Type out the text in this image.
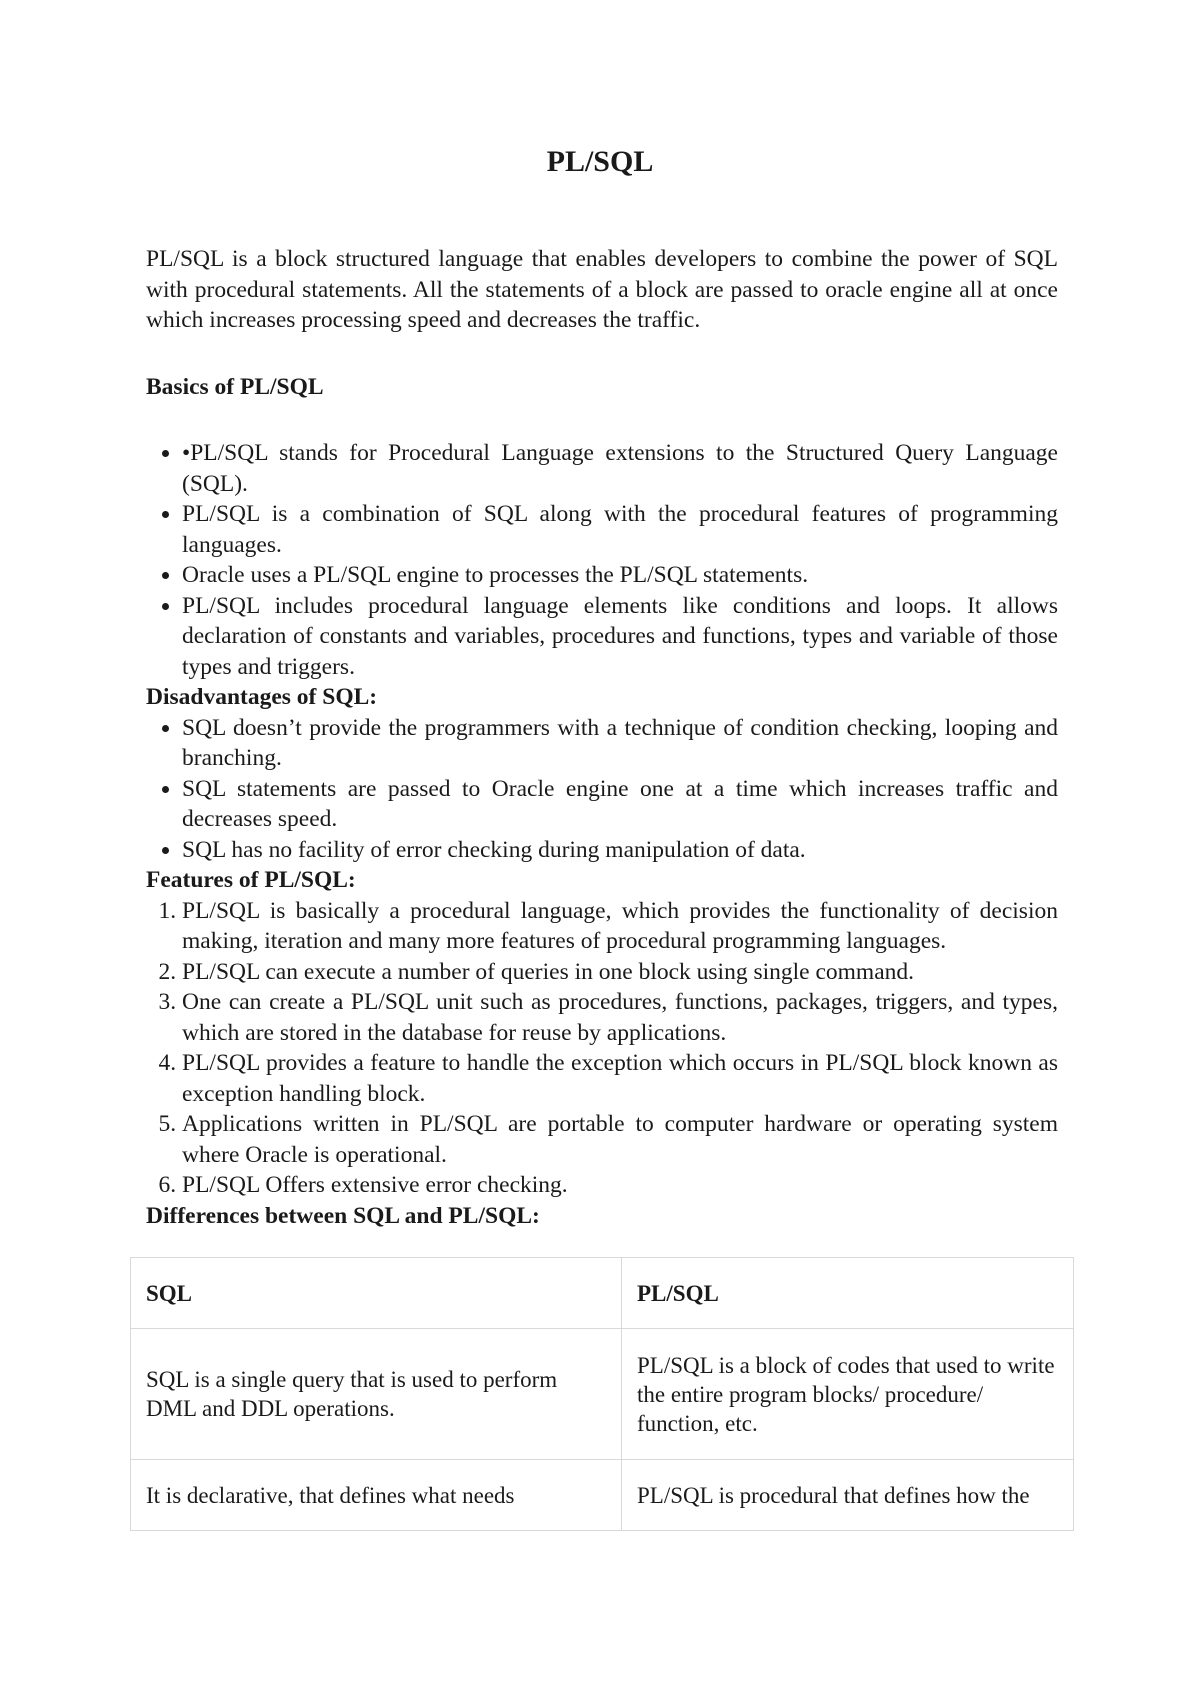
PL/SQL

PL/SQL is a block structured language that enables developers to combine the power of SQL with procedural statements. All the statements of a block are passed to oracle engine all at once which increases processing speed and decreases the traffic.

Basics of PL/SQL

• •PL/SQL stands for Procedural Language extensions to the Structured Query Language (SQL).
• PL/SQL is a combination of SQL along with the procedural features of programming languages.
• Oracle uses a PL/SQL engine to processes the PL/SQL statements.
• PL/SQL includes procedural language elements like conditions and loops. It allows declaration of constants and variables, procedures and functions, types and variable of those types and triggers.

Disadvantages of SQL:

• SQL doesn’t provide the programmers with a technique of condition checking, looping and branching.
• SQL statements are passed to Oracle engine one at a time which increases traffic and decreases speed.
• SQL has no facility of error checking during manipulation of data.

Features of PL/SQL:

1. PL/SQL is basically a procedural language, which provides the functionality of decision making, iteration and many more features of procedural programming languages.
2. PL/SQL can execute a number of queries in one block using single command.
3. One can create a PL/SQL unit such as procedures, functions, packages, triggers, and types, which are stored in the database for reuse by applications.
4. PL/SQL provides a feature to handle the exception which occurs in PL/SQL block known as exception handling block.
5. Applications written in PL/SQL are portable to computer hardware or operating system where Oracle is operational.
6. PL/SQL Offers extensive error checking.

Differences between SQL and PL/SQL:

SQL	PL/SQL
SQL is a single query that is used to perform DML and DDL operations.	PL/SQL is a block of codes that used to write the entire program blocks/ procedure/ function, etc.
It is declarative, that defines what needs	PL/SQL is procedural that defines how the
